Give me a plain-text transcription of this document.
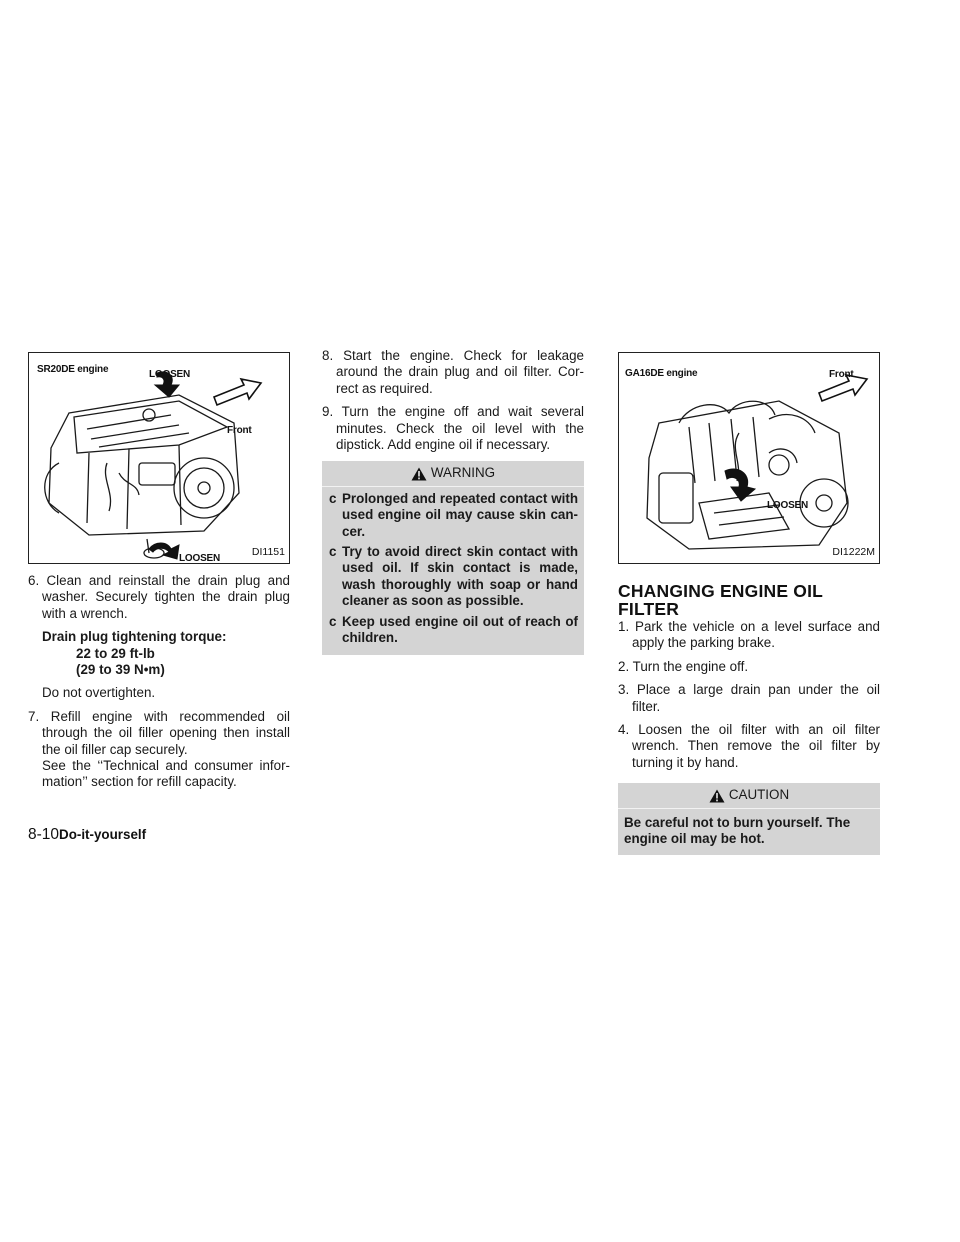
SR20DE engine	LOOSEN
Front
LOOSEN
DI1151

6. Clean and reinstall the drain plug and washer. Securely tighten the drain plug with a wrench.

Drain plug tightening torque:

22 to 29 ft-lb

(29 to 39 N•m)

Do not overtighten.

7. Refill engine with recommended oil through the oil filler opening then install the oil filler cap securely.

See the ‘‘Technical and consumer infor-mation’’ section for refill capacity.

8. Start the engine. Check for leakage around the drain plug and oil filter. Cor-rect as required.

9. Turn the engine off and wait several minutes. Check the oil level with the dipstick. Add engine oil if necessary.

WARNING

c Prolonged and repeated contact with used engine oil may cause skin can-cer.

c Try to avoid direct skin contact with used oil. If skin contact is made, wash thoroughly with soap or hand cleaner as soon as possible.

c Keep used engine oil out of reach of children.

GA16DE engine	Front
LOOSEN
DI1222M
CHANGING ENGINE OIL FILTER

1. Park the vehicle on a level surface and apply the parking brake.

2. Turn the engine off.

3. Place a large drain pan under the oil filter.

4. Loosen the oil filter with an oil filter wrench. Then remove the oil filter by turning it by hand.

CAUTION

Be careful not to burn yourself. The engine oil may be hot.

8-10Do-it-yourself
